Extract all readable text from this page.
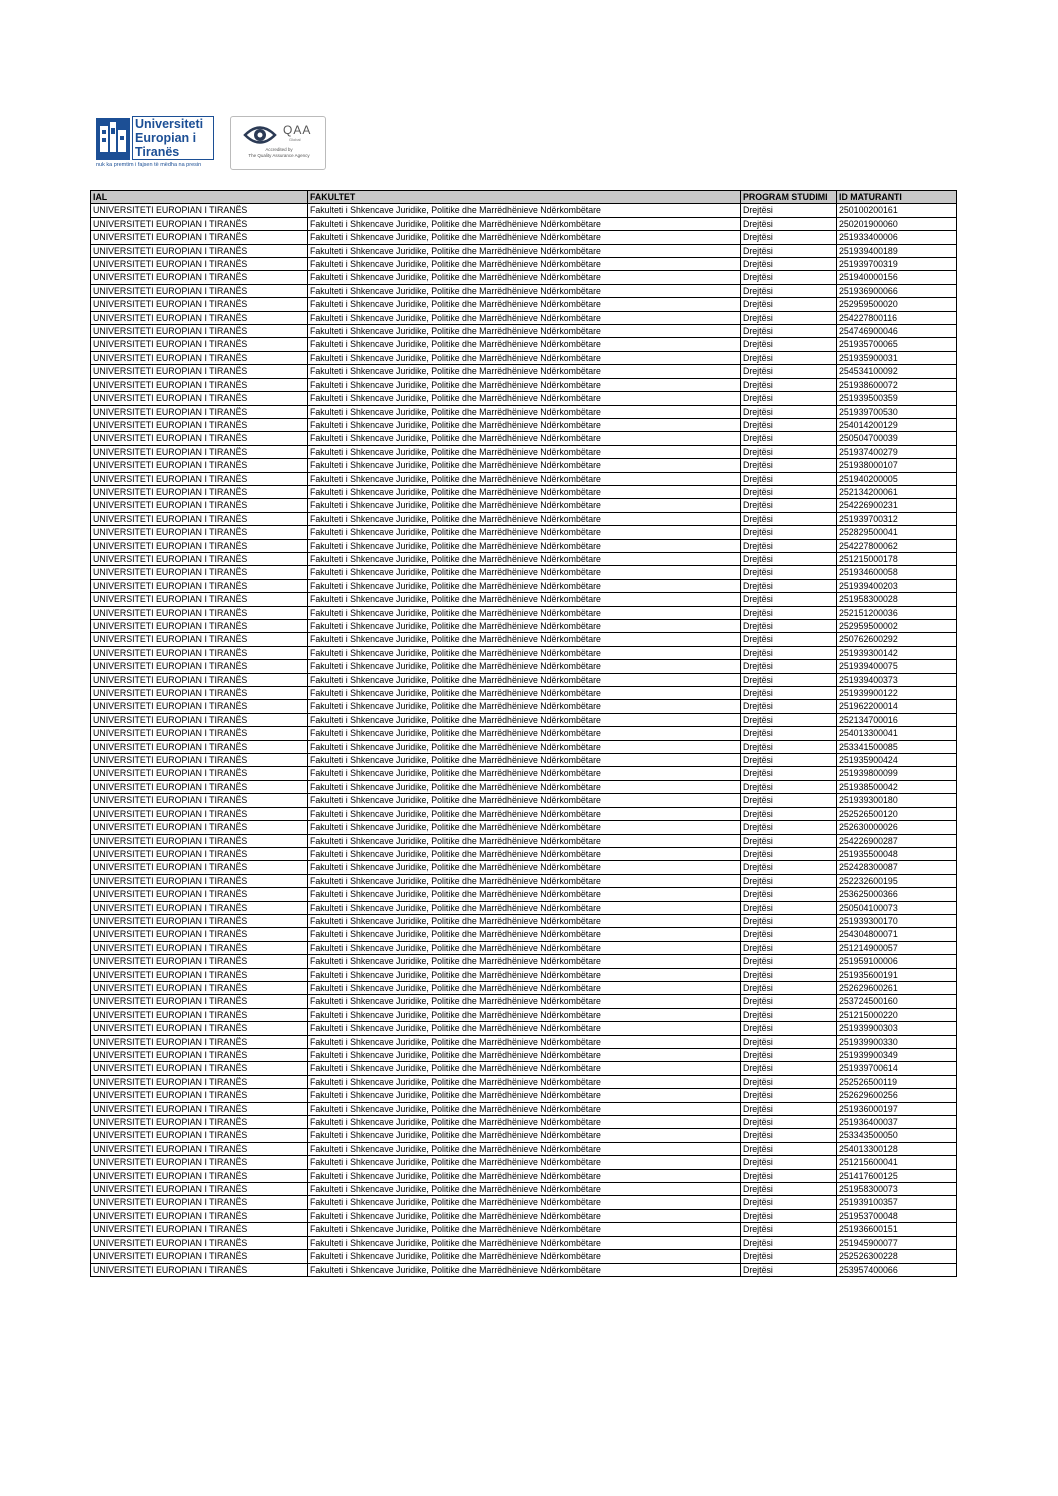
Universiteti
Europian i
Tiranës
nuk ka premtim i fajsen të mëdha na presin
QAA
Global
Accredited by
The Quality Assurance Agency
IAL	FAKULTET	PROGRAM STUDIMI	ID MATURANTI
UNIVERSITETI EUROPIAN I TIRANËS	Fakulteti i Shkencave Juridike, Politike dhe Marrëdhënieve Ndërkombëtare	Drejtësi	250100200161
UNIVERSITETI EUROPIAN I TIRANËS	Fakulteti i Shkencave Juridike, Politike dhe Marrëdhënieve Ndërkombëtare	Drejtësi	250201900060
UNIVERSITETI EUROPIAN I TIRANËS	Fakulteti i Shkencave Juridike, Politike dhe Marrëdhënieve Ndërkombëtare	Drejtësi	251933400006
UNIVERSITETI EUROPIAN I TIRANËS	Fakulteti i Shkencave Juridike, Politike dhe Marrëdhënieve Ndërkombëtare	Drejtësi	251939400189
UNIVERSITETI EUROPIAN I TIRANËS	Fakulteti i Shkencave Juridike, Politike dhe Marrëdhënieve Ndërkombëtare	Drejtësi	251939700319
UNIVERSITETI EUROPIAN I TIRANËS	Fakulteti i Shkencave Juridike, Politike dhe Marrëdhënieve Ndërkombëtare	Drejtësi	251940000156
UNIVERSITETI EUROPIAN I TIRANËS	Fakulteti i Shkencave Juridike, Politike dhe Marrëdhënieve Ndërkombëtare	Drejtësi	251936900066
UNIVERSITETI EUROPIAN I TIRANËS	Fakulteti i Shkencave Juridike, Politike dhe Marrëdhënieve Ndërkombëtare	Drejtësi	252959500020
UNIVERSITETI EUROPIAN I TIRANËS	Fakulteti i Shkencave Juridike, Politike dhe Marrëdhënieve Ndërkombëtare	Drejtësi	254227800116
UNIVERSITETI EUROPIAN I TIRANËS	Fakulteti i Shkencave Juridike, Politike dhe Marrëdhënieve Ndërkombëtare	Drejtësi	254746900046
UNIVERSITETI EUROPIAN I TIRANËS	Fakulteti i Shkencave Juridike, Politike dhe Marrëdhënieve Ndërkombëtare	Drejtësi	251935700065
UNIVERSITETI EUROPIAN I TIRANËS	Fakulteti i Shkencave Juridike, Politike dhe Marrëdhënieve Ndërkombëtare	Drejtësi	251935900031
UNIVERSITETI EUROPIAN I TIRANËS	Fakulteti i Shkencave Juridike, Politike dhe Marrëdhënieve Ndërkombëtare	Drejtësi	254534100092
UNIVERSITETI EUROPIAN I TIRANËS	Fakulteti i Shkencave Juridike, Politike dhe Marrëdhënieve Ndërkombëtare	Drejtësi	251938600072
UNIVERSITETI EUROPIAN I TIRANËS	Fakulteti i Shkencave Juridike, Politike dhe Marrëdhënieve Ndërkombëtare	Drejtësi	251939500359
UNIVERSITETI EUROPIAN I TIRANËS	Fakulteti i Shkencave Juridike, Politike dhe Marrëdhënieve Ndërkombëtare	Drejtësi	251939700530
UNIVERSITETI EUROPIAN I TIRANËS	Fakulteti i Shkencave Juridike, Politike dhe Marrëdhënieve Ndërkombëtare	Drejtësi	254014200129
UNIVERSITETI EUROPIAN I TIRANËS	Fakulteti i Shkencave Juridike, Politike dhe Marrëdhënieve Ndërkombëtare	Drejtësi	250504700039
UNIVERSITETI EUROPIAN I TIRANËS	Fakulteti i Shkencave Juridike, Politike dhe Marrëdhënieve Ndërkombëtare	Drejtësi	251937400279
UNIVERSITETI EUROPIAN I TIRANËS	Fakulteti i Shkencave Juridike, Politike dhe Marrëdhënieve Ndërkombëtare	Drejtësi	251938000107
UNIVERSITETI EUROPIAN I TIRANËS	Fakulteti i Shkencave Juridike, Politike dhe Marrëdhënieve Ndërkombëtare	Drejtësi	251940200005
UNIVERSITETI EUROPIAN I TIRANËS	Fakulteti i Shkencave Juridike, Politike dhe Marrëdhënieve Ndërkombëtare	Drejtësi	252134200061
UNIVERSITETI EUROPIAN I TIRANËS	Fakulteti i Shkencave Juridike, Politike dhe Marrëdhënieve Ndërkombëtare	Drejtësi	254226900231
UNIVERSITETI EUROPIAN I TIRANËS	Fakulteti i Shkencave Juridike, Politike dhe Marrëdhënieve Ndërkombëtare	Drejtësi	251939700312
UNIVERSITETI EUROPIAN I TIRANËS	Fakulteti i Shkencave Juridike, Politike dhe Marrëdhënieve Ndërkombëtare	Drejtësi	252829500041
UNIVERSITETI EUROPIAN I TIRANËS	Fakulteti i Shkencave Juridike, Politike dhe Marrëdhënieve Ndërkombëtare	Drejtësi	254227800062
UNIVERSITETI EUROPIAN I TIRANËS	Fakulteti i Shkencave Juridike, Politike dhe Marrëdhënieve Ndërkombëtare	Drejtësi	251215000178
UNIVERSITETI EUROPIAN I TIRANËS	Fakulteti i Shkencave Juridike, Politike dhe Marrëdhënieve Ndërkombëtare	Drejtësi	251934600058
UNIVERSITETI EUROPIAN I TIRANËS	Fakulteti i Shkencave Juridike, Politike dhe Marrëdhënieve Ndërkombëtare	Drejtësi	251939400203
UNIVERSITETI EUROPIAN I TIRANËS	Fakulteti i Shkencave Juridike, Politike dhe Marrëdhënieve Ndërkombëtare	Drejtësi	251958300028
UNIVERSITETI EUROPIAN I TIRANËS	Fakulteti i Shkencave Juridike, Politike dhe Marrëdhënieve Ndërkombëtare	Drejtësi	252151200036
UNIVERSITETI EUROPIAN I TIRANËS	Fakulteti i Shkencave Juridike, Politike dhe Marrëdhënieve Ndërkombëtare	Drejtësi	252959500002
UNIVERSITETI EUROPIAN I TIRANËS	Fakulteti i Shkencave Juridike, Politike dhe Marrëdhënieve Ndërkombëtare	Drejtësi	250762600292
UNIVERSITETI EUROPIAN I TIRANËS	Fakulteti i Shkencave Juridike, Politike dhe Marrëdhënieve Ndërkombëtare	Drejtësi	251939300142
UNIVERSITETI EUROPIAN I TIRANËS	Fakulteti i Shkencave Juridike, Politike dhe Marrëdhënieve Ndërkombëtare	Drejtësi	251939400075
UNIVERSITETI EUROPIAN I TIRANËS	Fakulteti i Shkencave Juridike, Politike dhe Marrëdhënieve Ndërkombëtare	Drejtësi	251939400373
UNIVERSITETI EUROPIAN I TIRANËS	Fakulteti i Shkencave Juridike, Politike dhe Marrëdhënieve Ndërkombëtare	Drejtësi	251939900122
UNIVERSITETI EUROPIAN I TIRANËS	Fakulteti i Shkencave Juridike, Politike dhe Marrëdhënieve Ndërkombëtare	Drejtësi	251962200014
UNIVERSITETI EUROPIAN I TIRANËS	Fakulteti i Shkencave Juridike, Politike dhe Marrëdhënieve Ndërkombëtare	Drejtësi	252134700016
UNIVERSITETI EUROPIAN I TIRANËS	Fakulteti i Shkencave Juridike, Politike dhe Marrëdhënieve Ndërkombëtare	Drejtësi	254013300041
UNIVERSITETI EUROPIAN I TIRANËS	Fakulteti i Shkencave Juridike, Politike dhe Marrëdhënieve Ndërkombëtare	Drejtësi	253341500085
UNIVERSITETI EUROPIAN I TIRANËS	Fakulteti i Shkencave Juridike, Politike dhe Marrëdhënieve Ndërkombëtare	Drejtësi	251935900424
UNIVERSITETI EUROPIAN I TIRANËS	Fakulteti i Shkencave Juridike, Politike dhe Marrëdhënieve Ndërkombëtare	Drejtësi	251939800099
UNIVERSITETI EUROPIAN I TIRANËS	Fakulteti i Shkencave Juridike, Politike dhe Marrëdhënieve Ndërkombëtare	Drejtësi	251938500042
UNIVERSITETI EUROPIAN I TIRANËS	Fakulteti i Shkencave Juridike, Politike dhe Marrëdhënieve Ndërkombëtare	Drejtësi	251939300180
UNIVERSITETI EUROPIAN I TIRANËS	Fakulteti i Shkencave Juridike, Politike dhe Marrëdhënieve Ndërkombëtare	Drejtësi	252526500120
UNIVERSITETI EUROPIAN I TIRANËS	Fakulteti i Shkencave Juridike, Politike dhe Marrëdhënieve Ndërkombëtare	Drejtësi	252630000026
UNIVERSITETI EUROPIAN I TIRANËS	Fakulteti i Shkencave Juridike, Politike dhe Marrëdhënieve Ndërkombëtare	Drejtësi	254226900287
UNIVERSITETI EUROPIAN I TIRANËS	Fakulteti i Shkencave Juridike, Politike dhe Marrëdhënieve Ndërkombëtare	Drejtësi	251935500048
UNIVERSITETI EUROPIAN I TIRANËS	Fakulteti i Shkencave Juridike, Politike dhe Marrëdhënieve Ndërkombëtare	Drejtësi	252428300087
UNIVERSITETI EUROPIAN I TIRANËS	Fakulteti i Shkencave Juridike, Politike dhe Marrëdhënieve Ndërkombëtare	Drejtësi	252232600195
UNIVERSITETI EUROPIAN I TIRANËS	Fakulteti i Shkencave Juridike, Politike dhe Marrëdhënieve Ndërkombëtare	Drejtësi	253625000366
UNIVERSITETI EUROPIAN I TIRANËS	Fakulteti i Shkencave Juridike, Politike dhe Marrëdhënieve Ndërkombëtare	Drejtësi	250504100073
UNIVERSITETI EUROPIAN I TIRANËS	Fakulteti i Shkencave Juridike, Politike dhe Marrëdhënieve Ndërkombëtare	Drejtësi	251939300170
UNIVERSITETI EUROPIAN I TIRANËS	Fakulteti i Shkencave Juridike, Politike dhe Marrëdhënieve Ndërkombëtare	Drejtësi	254304800071
UNIVERSITETI EUROPIAN I TIRANËS	Fakulteti i Shkencave Juridike, Politike dhe Marrëdhënieve Ndërkombëtare	Drejtësi	251214900057
UNIVERSITETI EUROPIAN I TIRANËS	Fakulteti i Shkencave Juridike, Politike dhe Marrëdhënieve Ndërkombëtare	Drejtësi	251959100006
UNIVERSITETI EUROPIAN I TIRANËS	Fakulteti i Shkencave Juridike, Politike dhe Marrëdhënieve Ndërkombëtare	Drejtësi	251935600191
UNIVERSITETI EUROPIAN I TIRANËS	Fakulteti i Shkencave Juridike, Politike dhe Marrëdhënieve Ndërkombëtare	Drejtësi	252629600261
UNIVERSITETI EUROPIAN I TIRANËS	Fakulteti i Shkencave Juridike, Politike dhe Marrëdhënieve Ndërkombëtare	Drejtësi	253724500160
UNIVERSITETI EUROPIAN I TIRANËS	Fakulteti i Shkencave Juridike, Politike dhe Marrëdhënieve Ndërkombëtare	Drejtësi	251215000220
UNIVERSITETI EUROPIAN I TIRANËS	Fakulteti i Shkencave Juridike, Politike dhe Marrëdhënieve Ndërkombëtare	Drejtësi	251939900303
UNIVERSITETI EUROPIAN I TIRANËS	Fakulteti i Shkencave Juridike, Politike dhe Marrëdhënieve Ndërkombëtare	Drejtësi	251939900330
UNIVERSITETI EUROPIAN I TIRANËS	Fakulteti i Shkencave Juridike, Politike dhe Marrëdhënieve Ndërkombëtare	Drejtësi	251939900349
UNIVERSITETI EUROPIAN I TIRANËS	Fakulteti i Shkencave Juridike, Politike dhe Marrëdhënieve Ndërkombëtare	Drejtësi	251939700614
UNIVERSITETI EUROPIAN I TIRANËS	Fakulteti i Shkencave Juridike, Politike dhe Marrëdhënieve Ndërkombëtare	Drejtësi	252526500119
UNIVERSITETI EUROPIAN I TIRANËS	Fakulteti i Shkencave Juridike, Politike dhe Marrëdhënieve Ndërkombëtare	Drejtësi	252629600256
UNIVERSITETI EUROPIAN I TIRANËS	Fakulteti i Shkencave Juridike, Politike dhe Marrëdhënieve Ndërkombëtare	Drejtësi	251936000197
UNIVERSITETI EUROPIAN I TIRANËS	Fakulteti i Shkencave Juridike, Politike dhe Marrëdhënieve Ndërkombëtare	Drejtësi	251936400037
UNIVERSITETI EUROPIAN I TIRANËS	Fakulteti i Shkencave Juridike, Politike dhe Marrëdhënieve Ndërkombëtare	Drejtësi	253343500050
UNIVERSITETI EUROPIAN I TIRANËS	Fakulteti i Shkencave Juridike, Politike dhe Marrëdhënieve Ndërkombëtare	Drejtësi	254013300128
UNIVERSITETI EUROPIAN I TIRANËS	Fakulteti i Shkencave Juridike, Politike dhe Marrëdhënieve Ndërkombëtare	Drejtësi	251215600041
UNIVERSITETI EUROPIAN I TIRANËS	Fakulteti i Shkencave Juridike, Politike dhe Marrëdhënieve Ndërkombëtare	Drejtësi	251417600125
UNIVERSITETI EUROPIAN I TIRANËS	Fakulteti i Shkencave Juridike, Politike dhe Marrëdhënieve Ndërkombëtare	Drejtësi	251958300073
UNIVERSITETI EUROPIAN I TIRANËS	Fakulteti i Shkencave Juridike, Politike dhe Marrëdhënieve Ndërkombëtare	Drejtësi	251939100357
UNIVERSITETI EUROPIAN I TIRANËS	Fakulteti i Shkencave Juridike, Politike dhe Marrëdhënieve Ndërkombëtare	Drejtësi	251953700048
UNIVERSITETI EUROPIAN I TIRANËS	Fakulteti i Shkencave Juridike, Politike dhe Marrëdhënieve Ndërkombëtare	Drejtësi	251936600151
UNIVERSITETI EUROPIAN I TIRANËS	Fakulteti i Shkencave Juridike, Politike dhe Marrëdhënieve Ndërkombëtare	Drejtësi	251945900077
UNIVERSITETI EUROPIAN I TIRANËS	Fakulteti i Shkencave Juridike, Politike dhe Marrëdhënieve Ndërkombëtare	Drejtësi	252526300228
UNIVERSITETI EUROPIAN I TIRANËS	Fakulteti i Shkencave Juridike, Politike dhe Marrëdhënieve Ndërkombëtare	Drejtësi	253957400066
